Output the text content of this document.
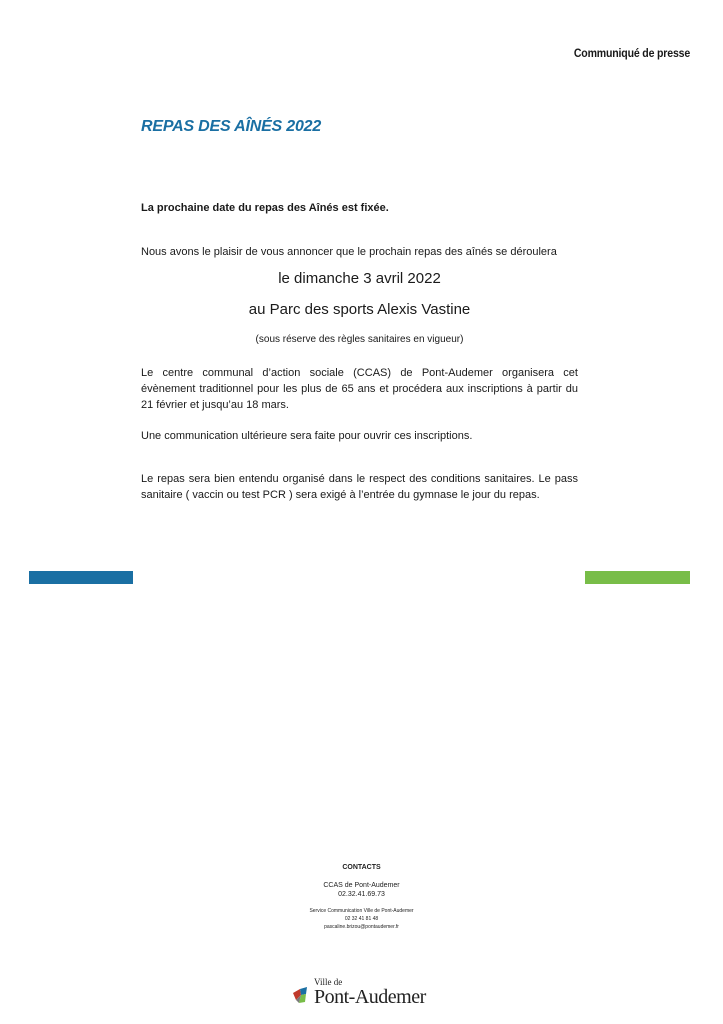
Communiqué de presse
REPAS DES AÎNÉS 2022
La prochaine date du repas des Aînés est fixée.
Nous avons le plaisir de vous annoncer que le prochain repas des aînés se déroulera
le dimanche 3 avril 2022
au Parc des sports Alexis Vastine
(sous réserve des règles sanitaires en vigueur)
Le centre communal d’action sociale (CCAS) de Pont-Audemer organisera cet évènement traditionnel pour les plus de 65 ans et procédera aux inscriptions à partir du 21 février et jusqu’au 18 mars.
Une communication ultérieure sera faite pour ouvrir ces inscriptions.
Le repas sera bien entendu organisé dans le respect des conditions sanitaires. Le pass sanitaire ( vaccin ou test PCR ) sera exigé à l’entrée du gymnase le jour du repas.
CONTACTS
CCAS de Pont-Audemer
02.32.41.69.73
Service Communication Ville de Pont-Audemer
02 32 41 81 48
pascaline.brizou@pontaudemer.fr
Ville de
Pont-Audemer
